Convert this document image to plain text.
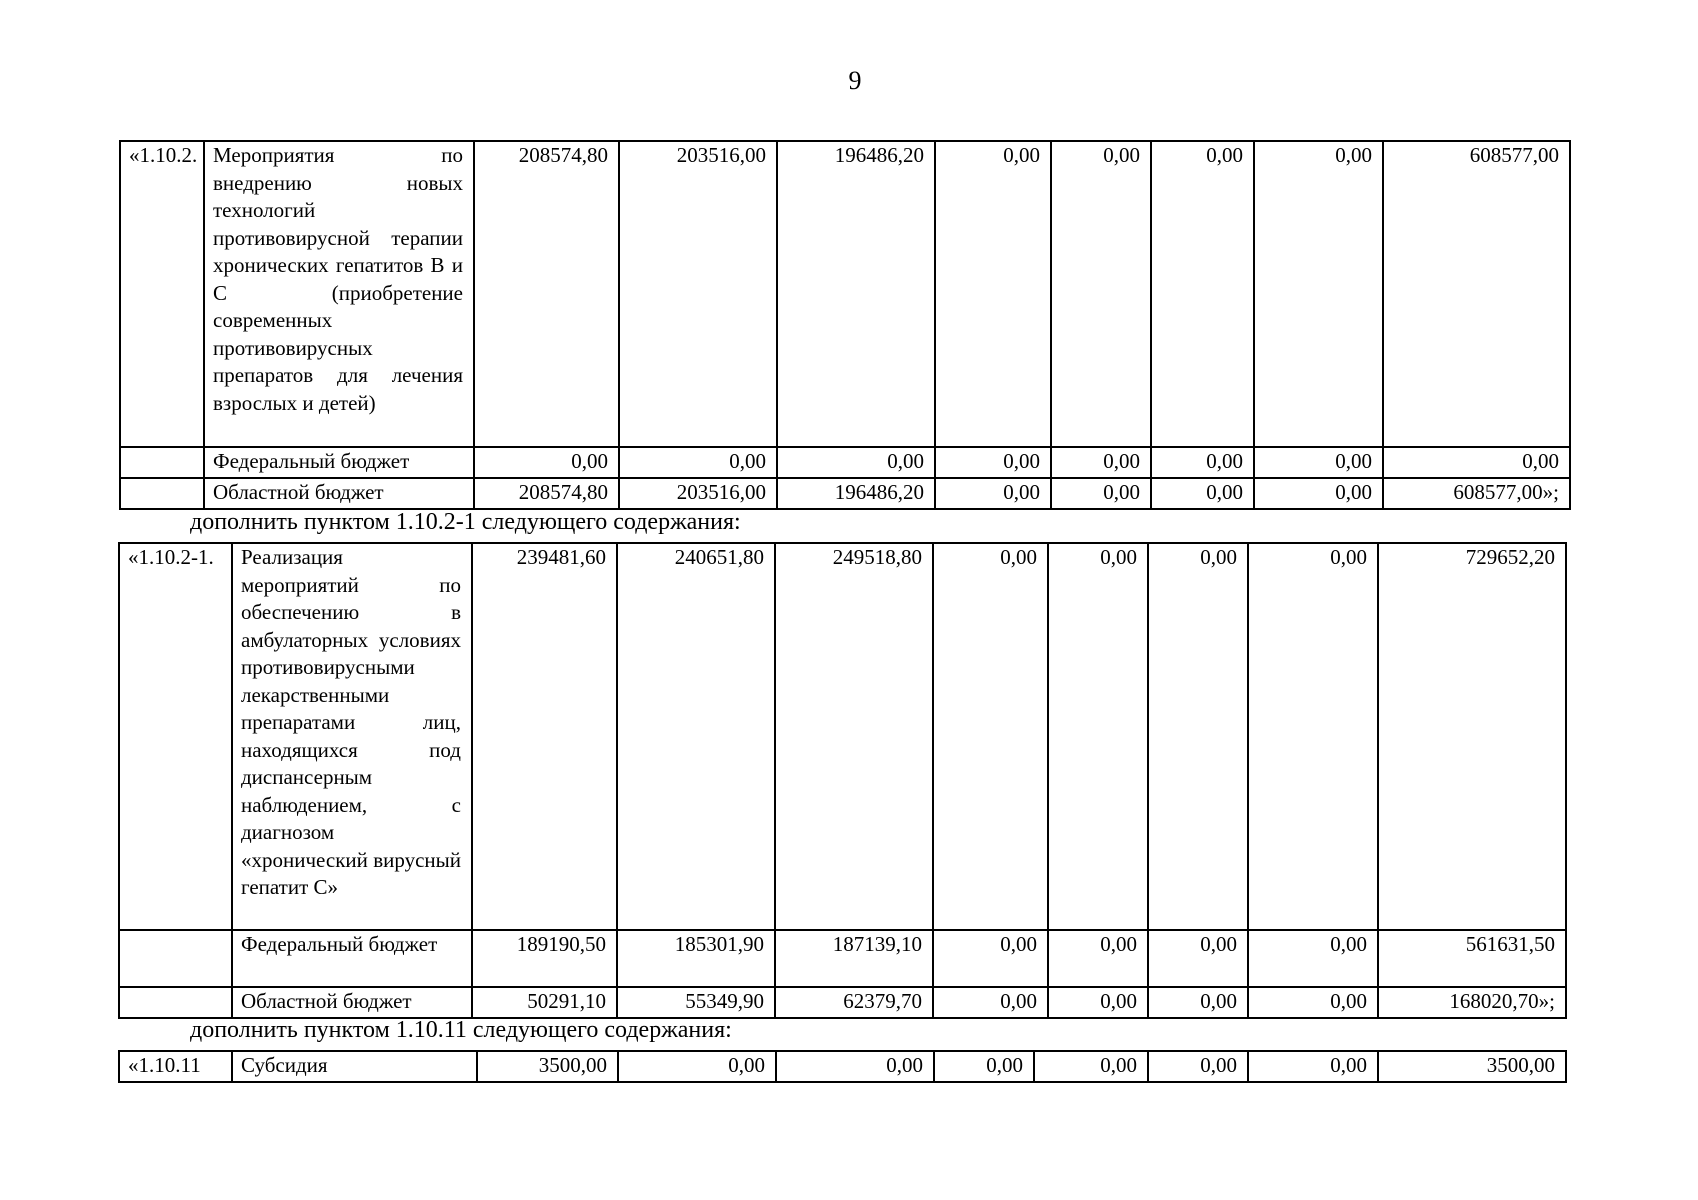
9
«1.10.2.	Мероприятия по внедрению новых технологий противовирусной терапии хронических гепатитов В и С (приобретение современных противовирусных препаратов для лечения взрослых и детей)	208574,80	203516,00	196486,20	0,00	0,00	0,00	0,00	608577,00
	Федеральный бюджет	0,00	0,00	0,00	0,00	0,00	0,00	0,00	0,00
	Областной бюджет	208574,80	203516,00	196486,20	0,00	0,00	0,00	0,00	608577,00»;
дополнить пунктом 1.10.2-1 следующего содержания:
«1.10.2-1.	Реализация мероприятий по обеспечению в амбулаторных условиях противовирусными лекарственными препаратами лиц, находящихся под диспансерным наблюдением, с диагнозом «хронический вирусный гепатит С»	239481,60	240651,80	249518,80	0,00	0,00	0,00	0,00	729652,20
	Федеральный бюджет	189190,50	185301,90	187139,10	0,00	0,00	0,00	0,00	561631,50
	Областной бюджет	50291,10	55349,90	62379,70	0,00	0,00	0,00	0,00	168020,70»;
дополнить пунктом 1.10.11 следующего содержания:
«1.10.11	Субсидия	3500,00	0,00	0,00	0,00	0,00	0,00	0,00	3500,00
